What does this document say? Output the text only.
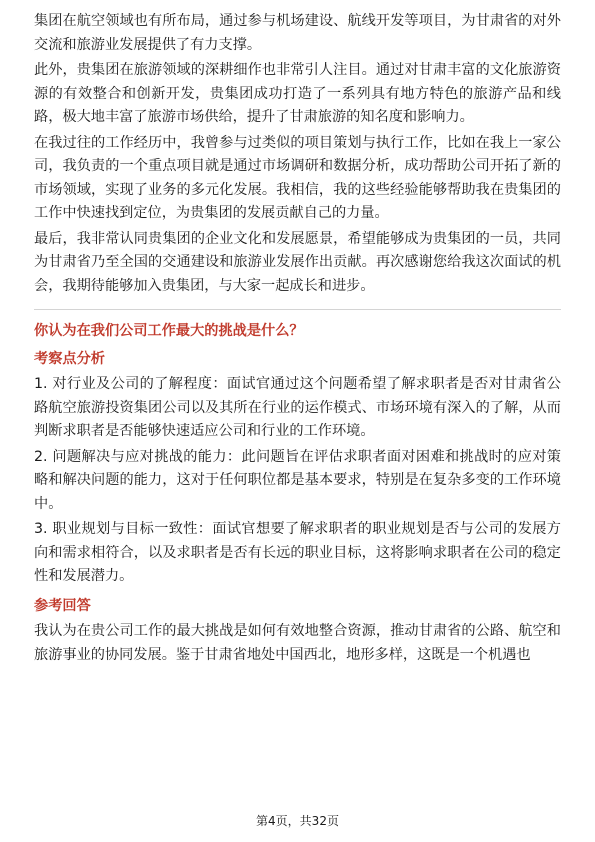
集团在航空领域也有所布局，通过参与机场建设、航线开发等项目，为甘肃省的对外交流和旅游业发展提供了有力支撑。

此外，贵集团在旅游领域的深耕细作也非常引人注目。通过对甘肃丰富的文化旅游资源的有效整合和创新开发，贵集团成功打造了一系列具有地方特色的旅游产品和线路，极大地丰富了旅游市场供给，提升了甘肃旅游的知名度和影响力。

在我过往的工作经历中，我曾参与过类似的项目策划与执行工作，比如在我上一家公司，我负责的一个重点项目就是通过市场调研和数据分析，成功帮助公司开拓了新的市场领域，实现了业务的多元化发展。我相信，我的这些经验能够帮助我在贵集团的工作中快速找到定位，为贵集团的发展贡献自己的力量。

最后，我非常认同贵集团的企业文化和发展愿景，希望能够成为贵集团的一员，共同为甘肃省乃至全国的交通建设和旅游业发展作出贡献。再次感谢您给我这次面试的机会，我期待能够加入贵集团，与大家一起成长和进步。

你认为在我们公司工作最大的挑战是什么？
考察点分析

1. 对行业及公司的了解程度：面试官通过这个问题希望了解求职者是否对甘肃省公路航空旅游投资集团公司以及其所在行业的运作模式、市场环境有深入的了解，从而判断求职者是否能够快速适应公司和行业的工作环境。

2. 问题解决与应对挑战的能力：此问题旨在评估求职者面对困难和挑战时的应对策略和解决问题的能力，这对于任何职位都是基本要求，特别是在复杂多变的工作环境中。

3. 职业规划与目标一致性：面试官想要了解求职者的职业规划是否与公司的发展方向和需求相符合，以及求职者是否有长远的职业目标，这将影响求职者在公司的稳定性和发展潜力。

参考回答

我认为在贵公司工作的最大挑战是如何有效地整合资源，推动甘肃省的公路、航空和旅游事业的协同发展。鉴于甘肃省地处中国西北，地形多样，这既是一个机遇也

第4页，共32页
